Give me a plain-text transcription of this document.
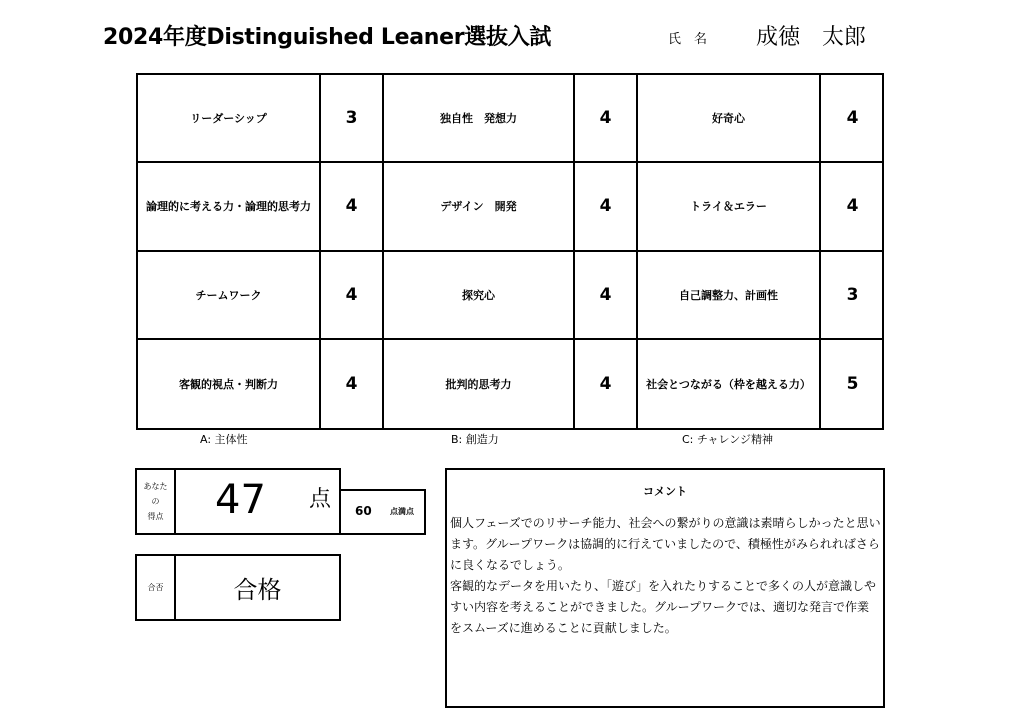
2024年度Distinguished Leaner選抜入試	氏　名 成徳　太郎
リーダーシップ	3	独自性　発想力	4	好奇心	4
論理的に考える力・論理的思考力	4	デザイン　開発	4	トライ＆エラー	4
チームワーク	4	探究心	4	自己調整力、計画性	3
客観的視点・判断力	4	批判的思考力	4	社会とつながる（枠を越える力）	5
A: 主体性	B: 創造力	C: チャレンジ精神
あなた
の
得点 47 点 60 点満点
合否	合格
コメント

個人フェーズでのリサーチ能力、社会への繋がりの意識は素晴らしかったと思います。グループワークは協調的に行えていましたので、積極性がみられればさらに良くなるでしょう。

客観的なデータを用いたり、「遊び」を入れたりすることで多くの人が意識しやすい内容を考えることができました。グループワークでは、適切な発言で作業をスムーズに進めることに貢献しました。
